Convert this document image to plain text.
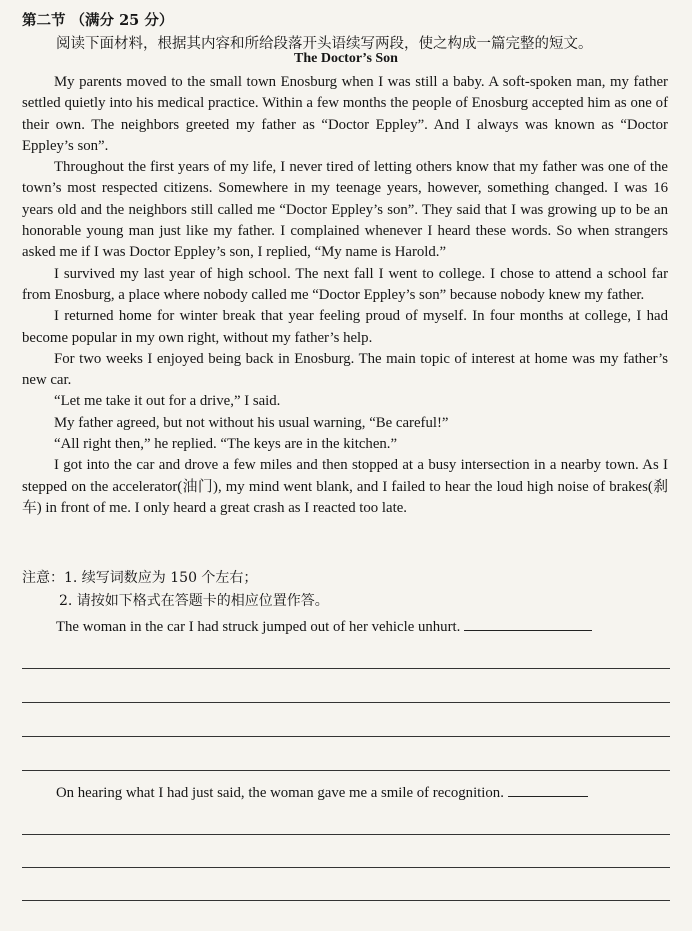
第二节 （满分 25 分）
阅读下面材料，根据其内容和所给段落开头语续写两段，使之构成一篇完整的短文。
The Doctor’s Son

My parents moved to the small town Enosburg when I was still a baby. A soft-spoken man, my father settled quietly into his medical practice. Within a few months the people of Enosburg accepted him as one of their own. The neighbors greeted my father as “Doctor Eppley”. And I always was known as “Doctor Eppley’s son”.

Throughout the first years of my life, I never tired of letting others know that my father was one of the town’s most respected citizens. Somewhere in my teenage years, however, something changed. I was 16 years old and the neighbors still called me “Doctor Eppley’s son”. They said that I was growing up to be an honorable young man just like my father. I complained whenever I heard these words. So when strangers asked me if I was Doctor Eppley’s son, I replied, “My name is Harold.”

I survived my last year of high school. The next fall I went to college. I chose to attend a school far from Enosburg, a place where nobody called me “Doctor Eppley’s son” because nobody knew my father.

I returned home for winter break that year feeling proud of myself. In four months at college, I had become popular in my own right, without my father’s help.

For two weeks I enjoyed being back in Enosburg. The main topic of interest at home was my father’s new car.

“Let me take it out for a drive,” I said.

My father agreed, but not without his usual warning, “Be careful!”

“All right then,” he replied. “The keys are in the kitchen.”

I got into the car and drove a few miles and then stopped at a busy intersection in a nearby town. As I stepped on the accelerator(油门), my mind went blank, and I failed to hear the loud high noise of brakes(刹车) in front of me. I only heard a great crash as I reacted too late.

注意：1. 续写词数应为 150 个左右；
2. 请按如下格式在答题卡的相应位置作答。
The woman in the car I had struck jumped out of her vehicle unhurt.
On hearing what I had just said, the woman gave me a smile of recognition.
